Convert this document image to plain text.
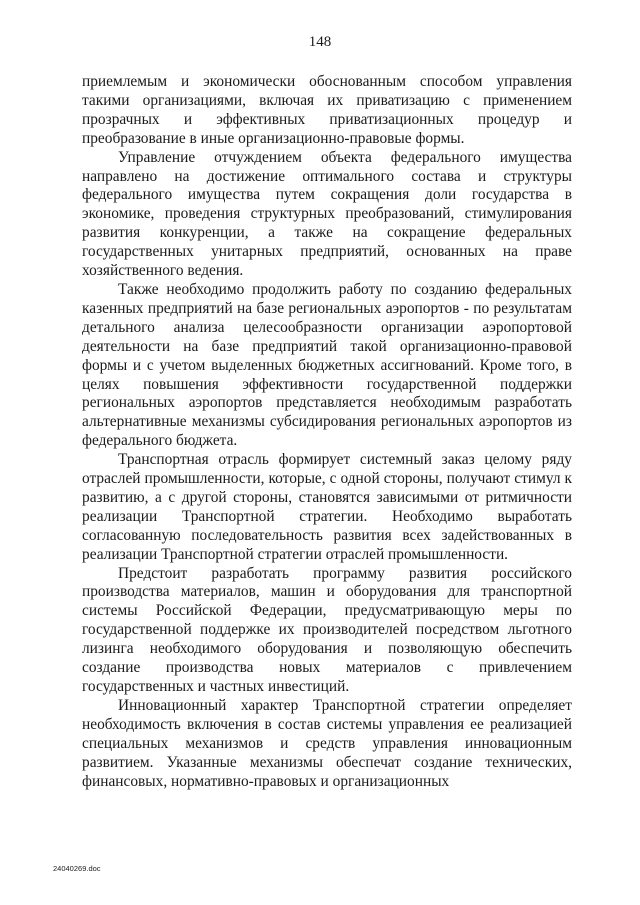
148

приемлемым и экономически обоснованным способом управления такими организациями, включая их приватизацию с применением прозрачных и эффективных приватизационных процедур и преобразование в иные организационно-правовые формы.

Управление отчуждением объекта федерального имущества направлено на достижение оптимального состава и структуры федерального имущества путем сокращения доли государства в экономике, проведения структурных преобразований, стимулирования развития конкуренции, а также на сокращение федеральных государственных унитарных предприятий, основанных на праве хозяйственного ведения.

Также необходимо продолжить работу по созданию федеральных казенных предприятий на базе региональных аэропортов - по результатам детального анализа целесообразности организации аэропортовой деятельности на базе предприятий такой организационно-правовой формы и с учетом выделенных бюджетных ассигнований. Кроме того, в целях повышения эффективности государственной поддержки региональных аэропортов представляется необходимым разработать альтернативные механизмы субсидирования региональных аэропортов из федерального бюджета.

Транспортная отрасль формирует системный заказ целому ряду отраслей промышленности, которые, с одной стороны, получают стимул к развитию, а с другой стороны, становятся зависимыми от ритмичности реализации Транспортной стратегии. Необходимо выработать согласованную последовательность развития всех задействованных в реализации Транспортной стратегии отраслей промышленности.

Предстоит разработать программу развития российского производства материалов, машин и оборудования для транспортной системы Российской Федерации, предусматривающую меры по государственной поддержке их производителей посредством льготного лизинга необходимого оборудования и позволяющую обеспечить создание производства новых материалов с привлечением государственных и частных инвестиций.

Инновационный характер Транспортной стратегии определяет необходимость включения в состав системы управления ее реализацией специальных механизмов и средств управления инновационным развитием. Указанные механизмы обеспечат создание технических, финансовых, нормативно-правовых и организационных

24040269.doc
